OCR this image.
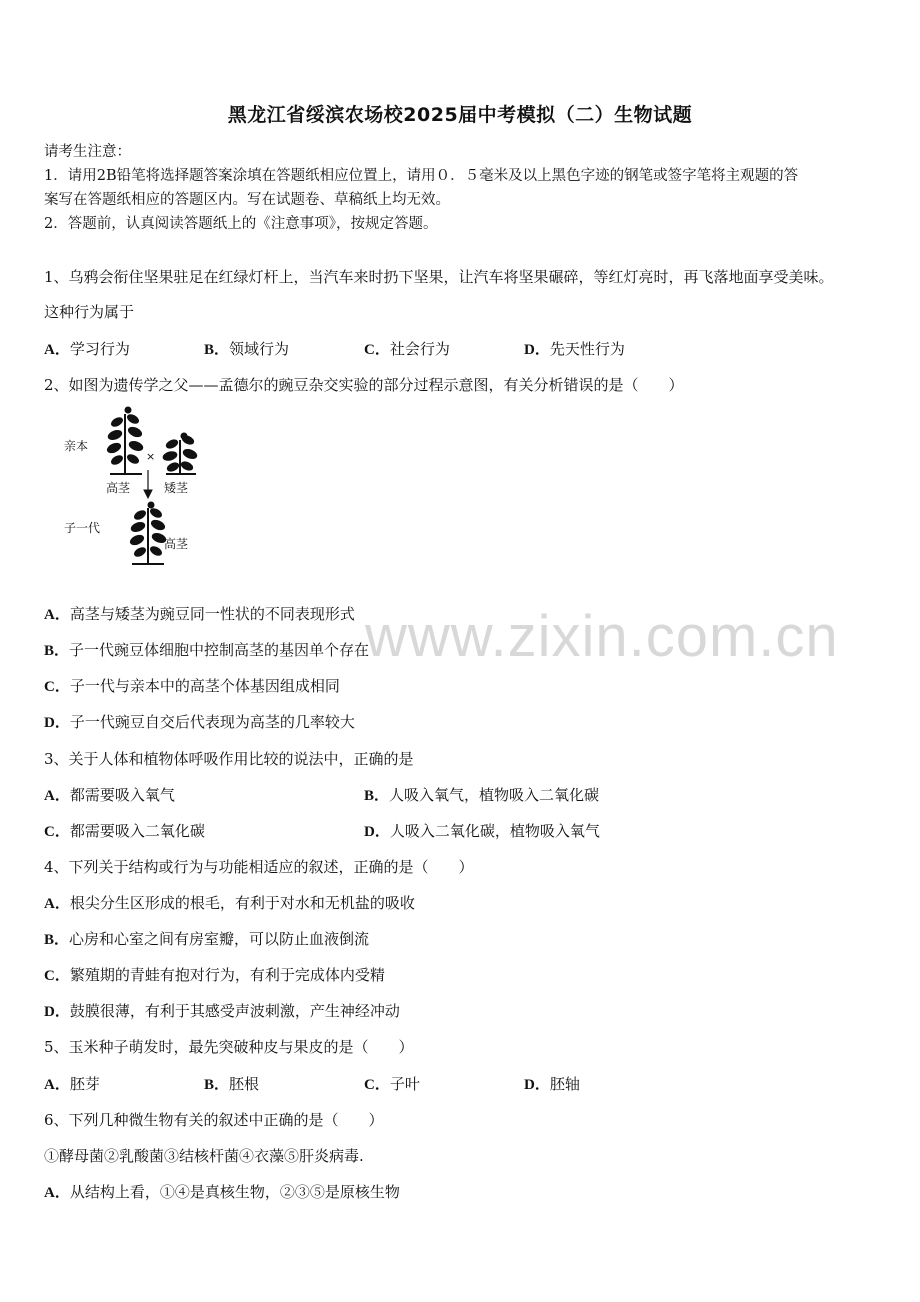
黑龙江省绥滨农场校2025届中考模拟（二）生物试题
请考生注意：
1．请用2B铅笔将选择题答案涂填在答题纸相应位置上，请用０．５毫米及以上黑色字迹的钢笔或签字笔将主观题的答
案写在答题纸相应的答题区内。写在试题卷、草稿纸上均无效。
2．答题前，认真阅读答题纸上的《注意事项》，按规定答题。
1、乌鸦会衔住坚果驻足在红绿灯杆上，当汽车来时扔下坚果，让汽车将坚果碾碎，等红灯亮时，再飞落地面享受美味。
这种行为属于
A．学习行为	B．领域行为	C．社会行为	D．先天性行为
2、如图为遗传学之父——孟德尔的豌豆杂交实验的部分过程示意图，有关分析错误的是（　　）
亲本
×
高茎	矮茎
子一代
高茎
A．高茎与矮茎为豌豆同一性状的不同表现形式
B．子一代豌豆体细胞中控制高茎的基因单个存在
C．子一代与亲本中的高茎个体基因组成相同
D．子一代豌豆自交后代表现为高茎的几率较大
www.zixin.com.cn
3、关于人体和植物体呼吸作用比较的说法中，正确的是
A．都需要吸入氧气	B．人吸入氧气，植物吸入二氧化碳
C．都需要吸入二氧化碳	D．人吸入二氧化碳，植物吸入氧气
4、下列关于结构或行为与功能相适应的叙述，正确的是（　　）
A．根尖分生区形成的根毛，有利于对水和无机盐的吸收
B．心房和心室之间有房室瓣，可以防止血液倒流
C．繁殖期的青蛙有抱对行为，有利于完成体内受精
D．鼓膜很薄，有利于其感受声波刺激，产生神经冲动
5、玉米种子萌发时，最先突破种皮与果皮的是（　　）
A．胚芽	B．胚根	C．子叶	D．胚轴
6、下列几种微生物有关的叙述中正确的是（　　）
①酵母菌②乳酸菌③结核杆菌④衣藻⑤肝炎病毒.
A．从结构上看，①④是真核生物，②③⑤是原核生物
